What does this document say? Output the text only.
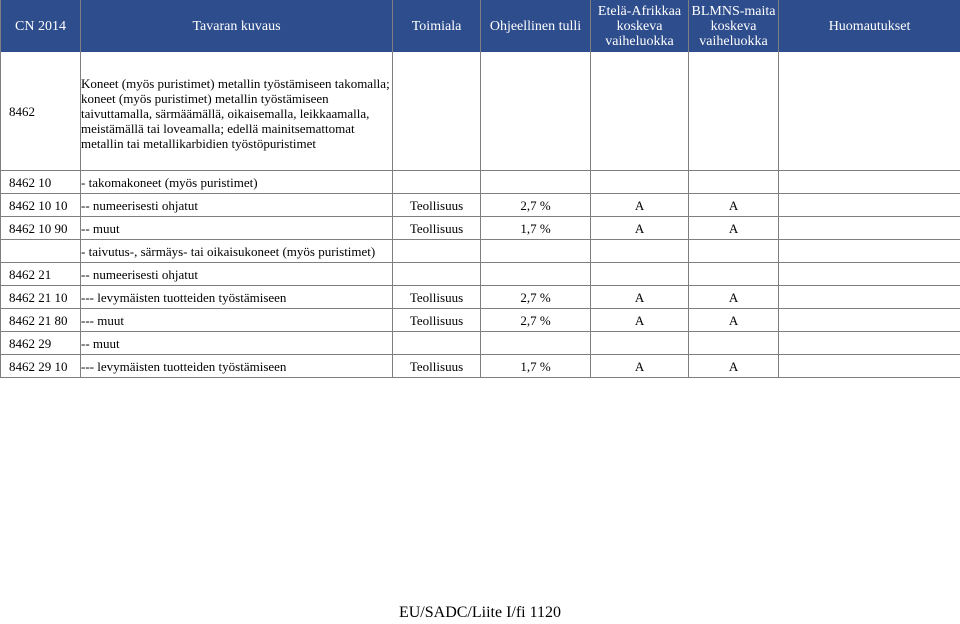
CN 2014	Tavaran kuvaus	Toimiala	Ohjeellinen tulli	Etelä-Afrikkaa koskeva vaiheluokka	BLMNS-maita koskeva vaiheluokka	Huomautukset
8462	Koneet (myös puristimet) metallin työstämiseen takomalla; koneet (myös puristimet) metallin työstämiseen taivuttamalla, särmäämällä, oikaisemalla, leikkaamalla, meistämällä tai loveamalla; edellä mainitsemattomat metallin tai metallikarbidien työstöpuristimet					

8462 10	- takomakoneet (myös puristimet)					
8462 10 10	-- numeerisesti ohjatut	Teollisuus	2,7 %	A	A	
8462 10 90	-- muut	Teollisuus	1,7 %	A	A	
	- taivutus-, särmäys- tai oikaisukoneet (myös puristimet)					
8462 21	-- numeerisesti ohjatut					
8462 21 10	--- levymäisten tuotteiden työstämiseen	Teollisuus	2,7 %	A	A	
8462 21 80	--- muut	Teollisuus	2,7 %	A	A	
8462 29	-- muut					
8462 29 10	--- levymäisten tuotteiden työstämiseen	Teollisuus	1,7 %	A	A	
EU/SADC/Liite I/fi 1120
